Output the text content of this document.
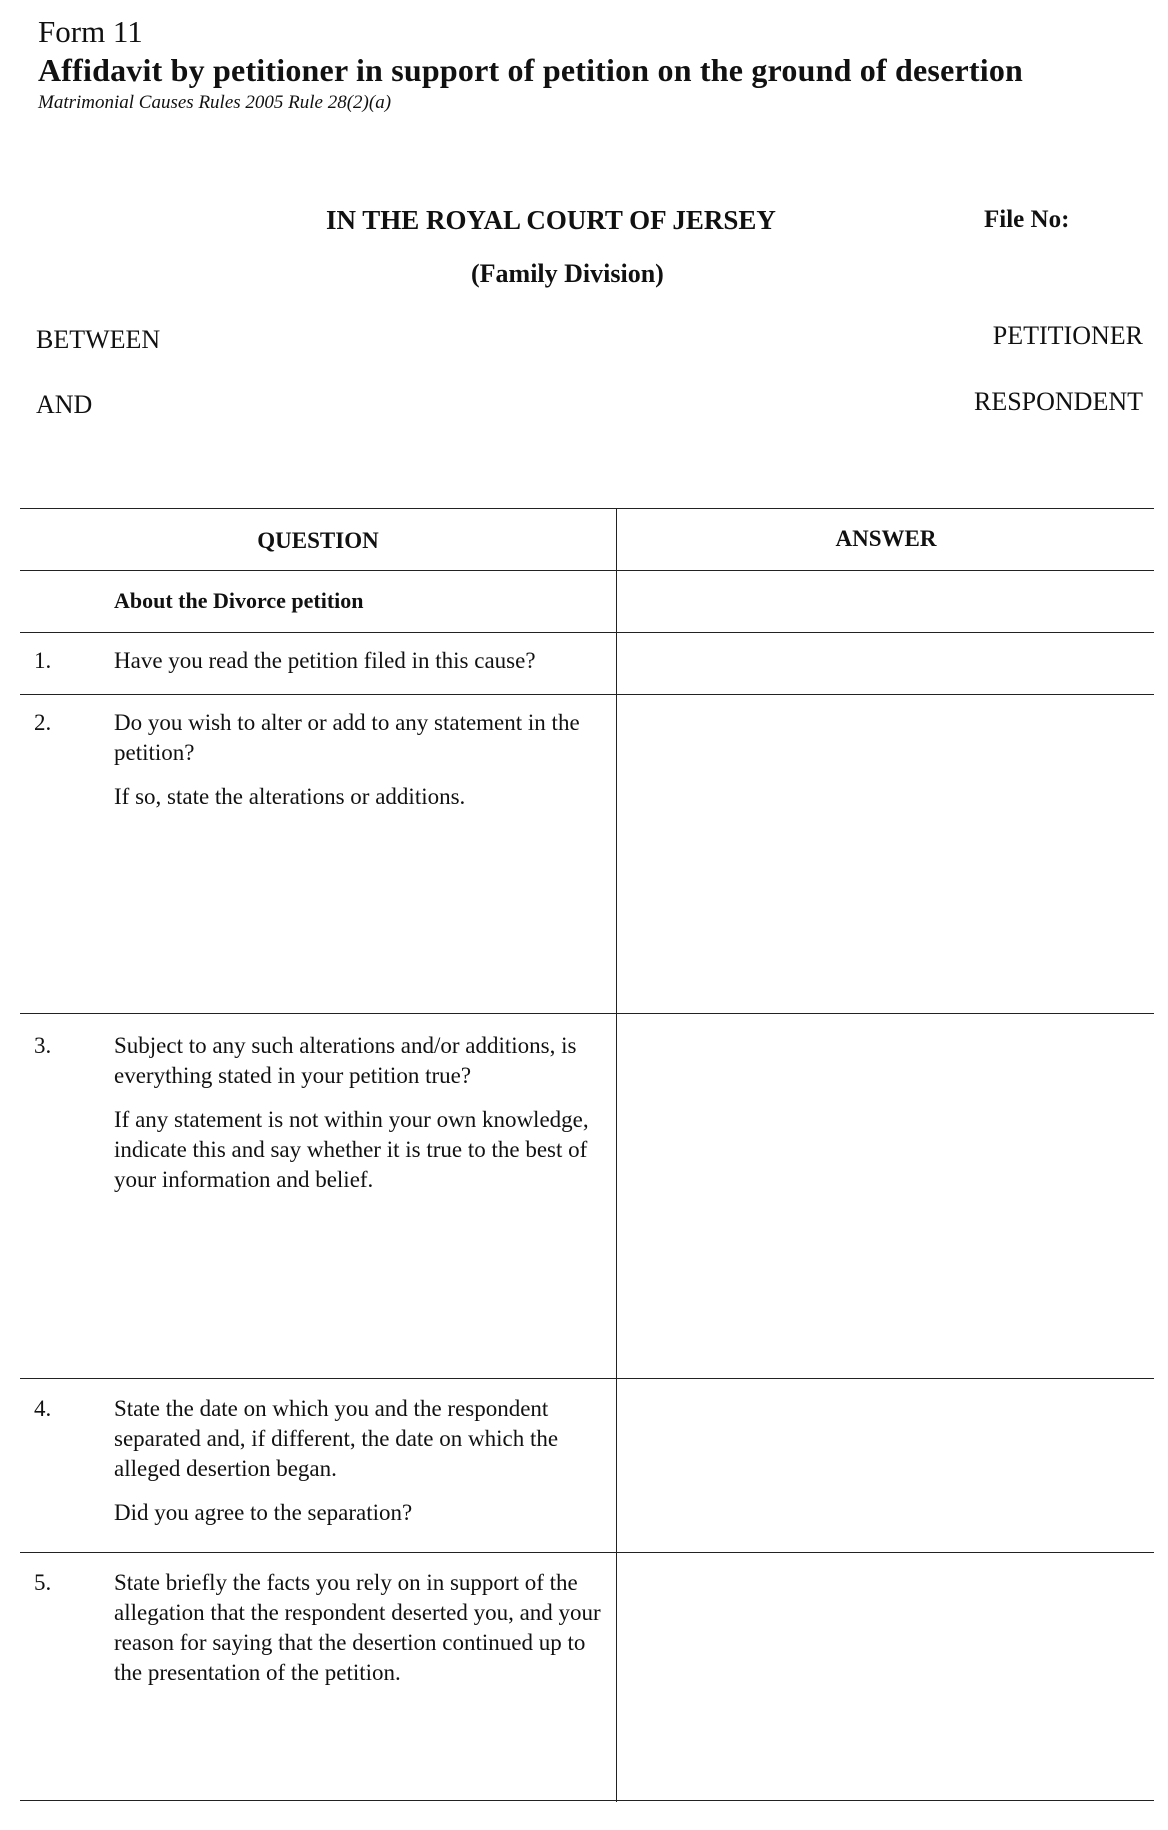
Form 11
Affidavit by petitioner in support of petition on the ground of desertion
Matrimonial Causes Rules 2005 Rule 28(2)(a)
IN THE ROYAL COURT OF JERSEY
(Family Division)
File No:
BETWEEN
AND
PETITIONER
RESPONDENT
QUESTION	ANSWER
About the Divorce petition
1.	Have you read the petition filed in this cause?

2.	Do you wish to alter or add to any statement in the petition?

If so, state the alterations or additions.

3.	Subject to any such alterations and/or additions, is everything stated in your petition true?

If any statement is not within your own knowledge, indicate this and say whether it is true to the best of your information and belief.

4.	State the date on which you and the respondent separated and, if different, the date on which the alleged desertion began.

Did you agree to the separation?

5.	State briefly the facts you rely on in support of the allegation that the respondent deserted you, and your reason for saying that the desertion continued up to the presentation of the petition.
